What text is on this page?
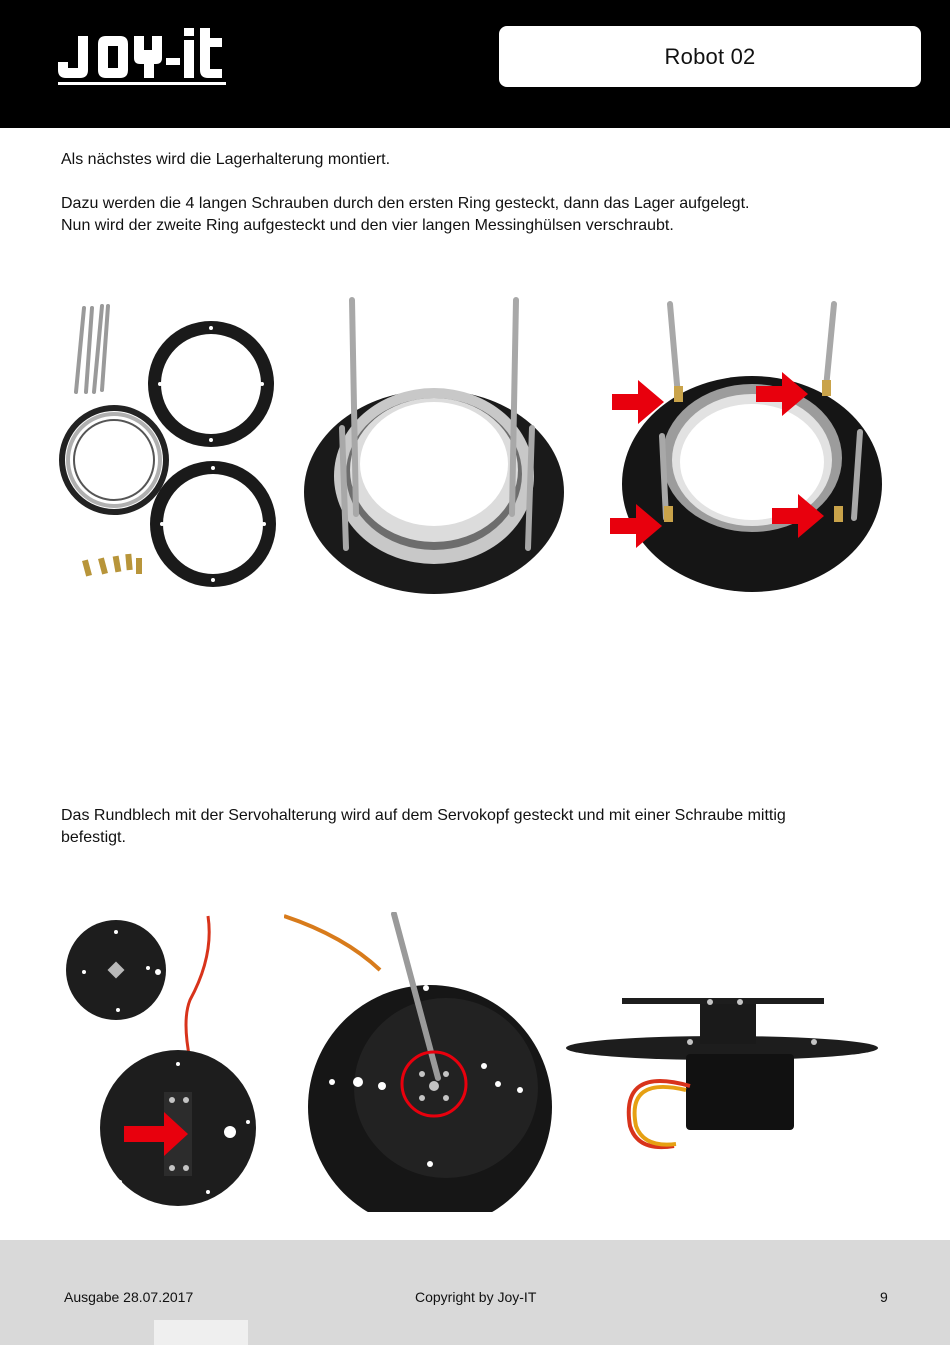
Robot 02

Als nächstes wird die Lagerhalterung montiert.

Dazu werden die 4 langen Schrauben durch den ersten Ring gesteckt, dann das Lager aufgelegt.

Nun wird der zweite Ring aufgesteckt und den vier langen Messinghülsen verschraubt.

Das Rundblech mit der Servohalterung wird auf dem Servokopf gesteckt und mit einer Schraube mittig

befestigt.

Ausgabe 28.07.2017	Copyright by Joy-IT	9
